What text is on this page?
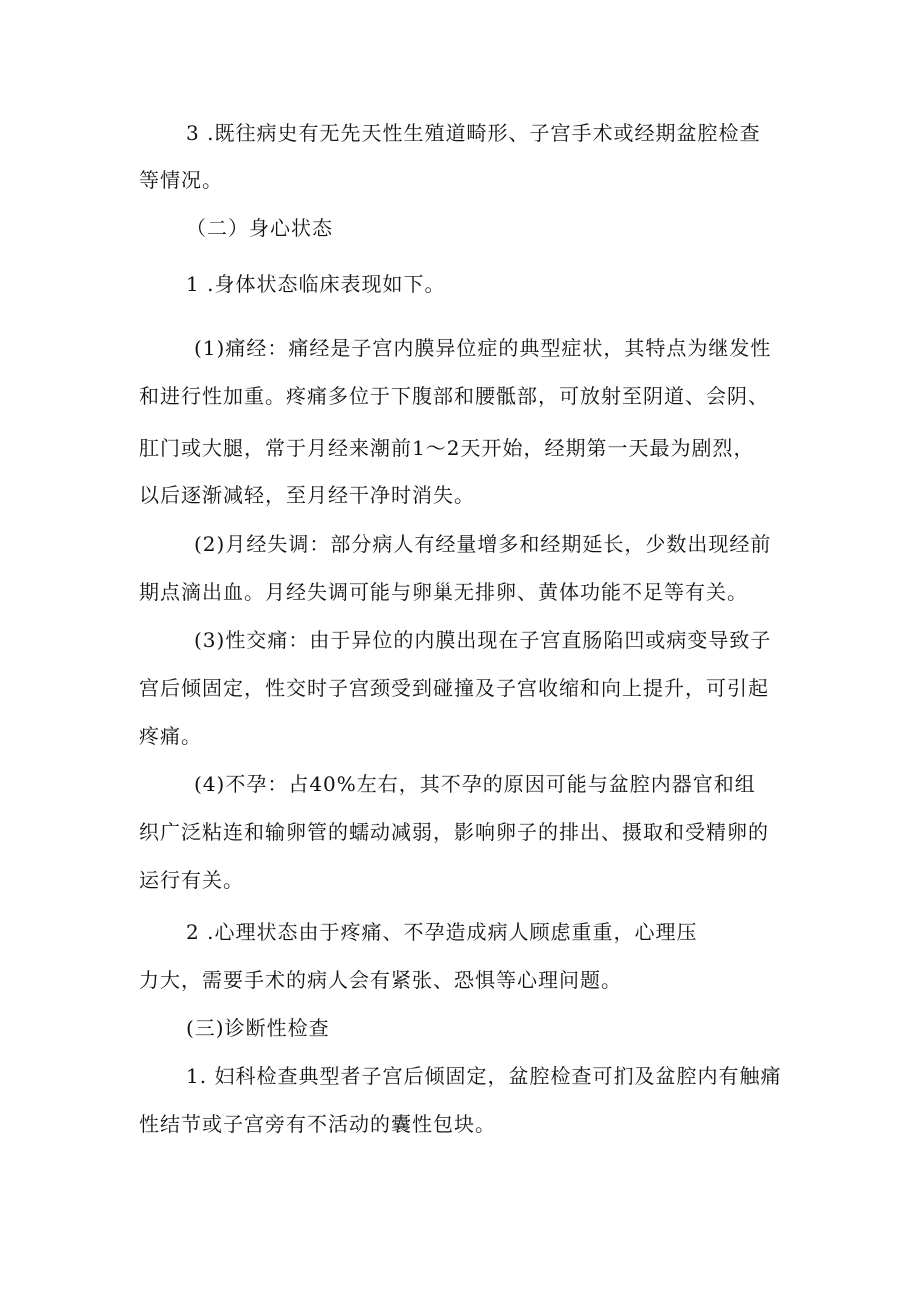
3 .既往病史有无先天性生殖道畸形、子宫手术或经期盆腔检查
等情况。
（二）身心状态
1 .身体状态临床表现如下。
(1)痛经：痛经是子宫内膜异位症的典型症状，其特点为继发性
和进行性加重。疼痛多位于下腹部和腰骶部，可放射至阴道、会阴、
肛门或大腿，常于月经来潮前1～2天开始，经期第一天最为剧烈，
以后逐渐减轻，至月经干净时消失。
(2)月经失调：部分病人有经量增多和经期延长，少数出现经前
期点滴出血。月经失调可能与卵巢无排卵、黄体功能不足等有关。
(3)性交痛：由于异位的内膜出现在子宫直肠陷凹或病变导致子
宫后倾固定，性交时子宫颈受到碰撞及子宫收缩和向上提升，可引起
疼痛。
(4)不孕：占40%左右，其不孕的原因可能与盆腔内器官和组
织广泛粘连和输卵管的蠕动减弱，影响卵子的排出、摄取和受精卵的
运行有关。
2 .心理状态由于疼痛、不孕造成病人顾虑重重，心理压
力大，需要手术的病人会有紧张、恐惧等心理问题。
(三)诊断性检查
1. 妇科检查典型者子宫后倾固定，盆腔检查可扪及盆腔内有触痛
性结节或子宫旁有不活动的囊性包块。
